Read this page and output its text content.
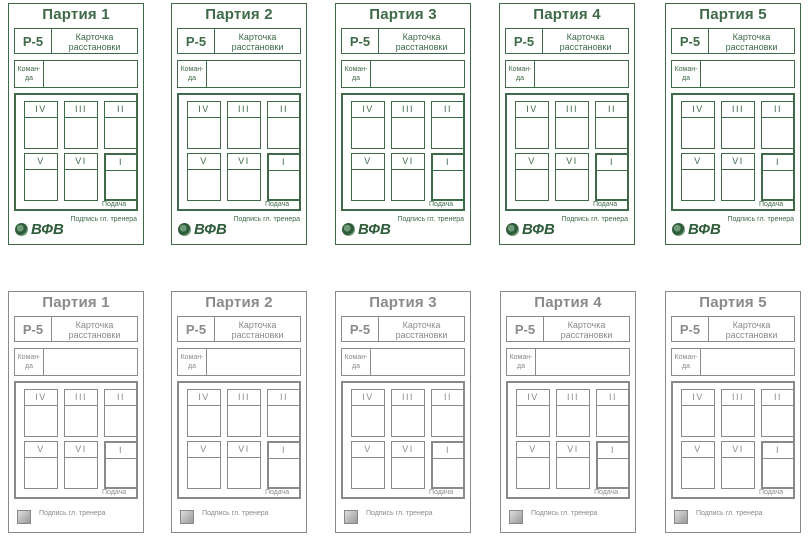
Партия 1
Р-5	Карточка расстановки
Коман- да
IV	III	II
V	VI	I
Подача
Подпись гл. тренера
ВФВ
Партия 2
Р-5	Карточка расстановки
Коман- да
IV	III	II
V	VI	I
Подача
Подпись гл. тренера
ВФВ
Партия 3
Р-5	Карточка расстановки
Коман- да
IV	III	II
V	VI	I
Подача
Подпись гл. тренера
ВФВ
Партия 4
Р-5	Карточка расстановки
Коман- да
IV	III	II
V	VI	I
Подача
Подпись гл. тренера
ВФВ
Партия 5
Р-5	Карточка расстановки
Коман- да
IV	III	II
V	VI	I
Подача
Подпись гл. тренера
ВФВ
Партия 1
Р-5	Карточка расстановки
Коман- да
IV	III	II
V	VI	I
Подача
Подпись гл. тренера
Партия 2
Р-5	Карточка расстановки
Коман- да
IV	III	II
V	VI	I
Подача
Подпись гл. тренера
Партия 3
Р-5	Карточка расстановки
Коман- да
IV	III	II
V	VI	I
Подача
Подпись гл. тренера
Партия 4
Р-5	Карточка расстановки
Коман- да
IV	III	II
V	VI	I
Подача
Подпись гл. тренера
Партия 5
Р-5	Карточка расстановки
Коман- да
IV	III	II
V	VI	I
Подача
Подпись гл. тренера
